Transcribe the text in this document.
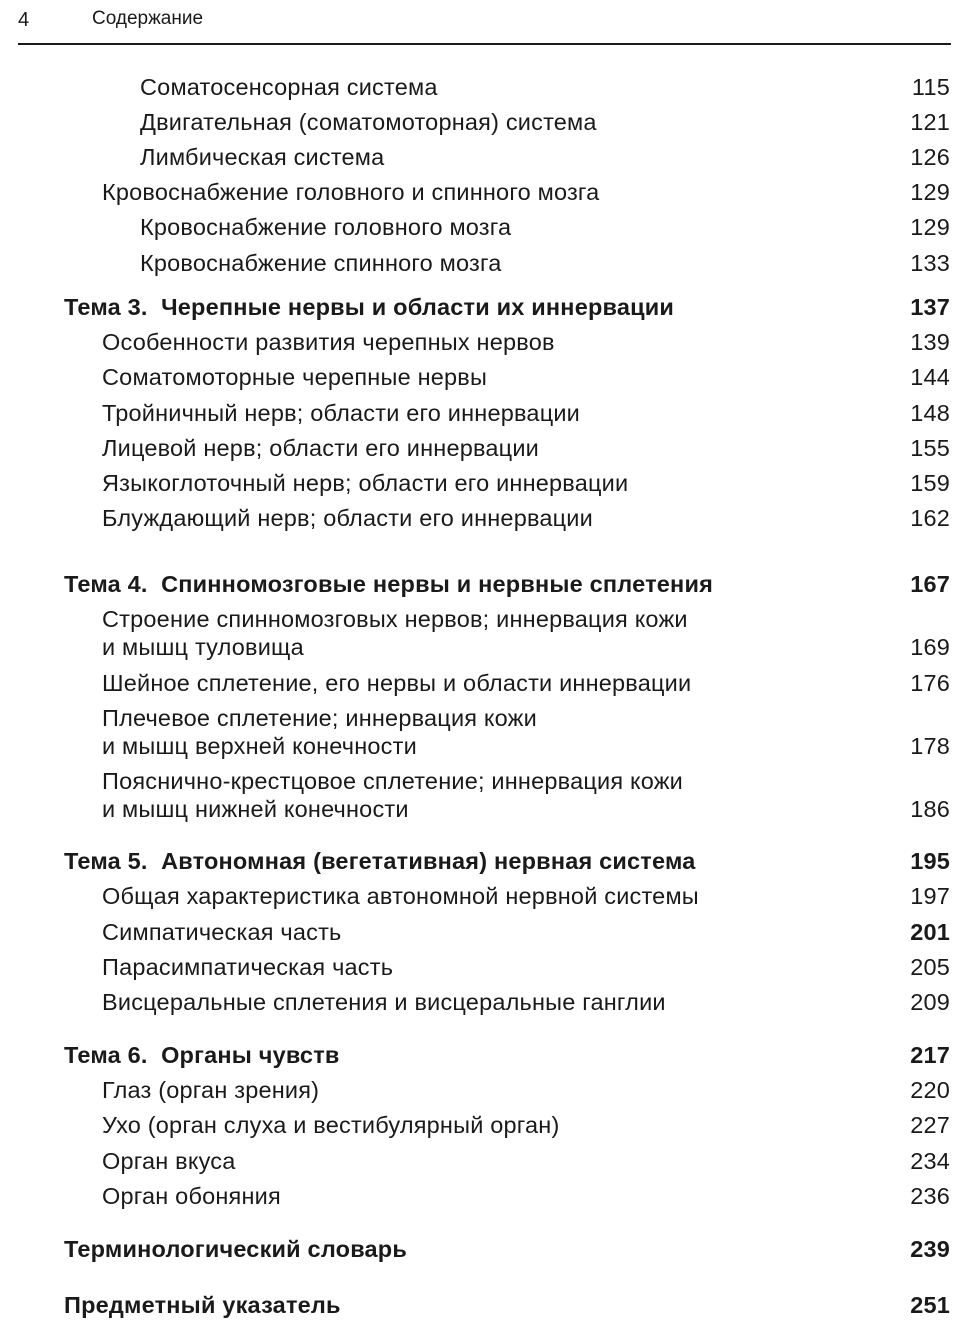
4	Содержание
Соматосенсорная система	115
Двигательная (соматомоторная) система	121
Лимбическая система	126
Кровоснабжение головного и спинного мозга	129
Кровоснабжение головного мозга	129
Кровоснабжение спинного мозга	133
Тема 3.  Черепные нервы и области их иннервации	137
Особенности развития черепных нервов	139
Соматомоторные черепные нервы	144
Тройничный нерв; области его иннервации	148
Лицевой нерв; области его иннервации	155
Языкоглоточный нерв; области его иннервации	159
Блуждающий нерв; области его иннервации	162
Тема 4.  Спинномозговые нервы и нервные сплетения	167
Строение спинномозговых нервов; иннервация кожи
и мышц туловища	169
Шейное сплетение, его нервы и области иннервации	176
Плечевое сплетение; иннервация кожи
и мышц верхней конечности	178
Пояснично-крестцовое сплетение; иннервация кожи
и мышц нижней конечности	186
Тема 5.  Автономная (вегетативная) нервная система	195
Общая характеристика автономной нервной системы	197
Симпатическая часть	201
Парасимпатическая часть	205
Висцеральные сплетения и висцеральные ганглии	209
Тема 6.  Органы чувств	217
Глаз (орган зрения)	220
Ухо (орган слуха и вестибулярный орган)	227
Орган вкуса	234
Орган обоняния	236
Терминологический словарь	239
Предметный указатель	251
